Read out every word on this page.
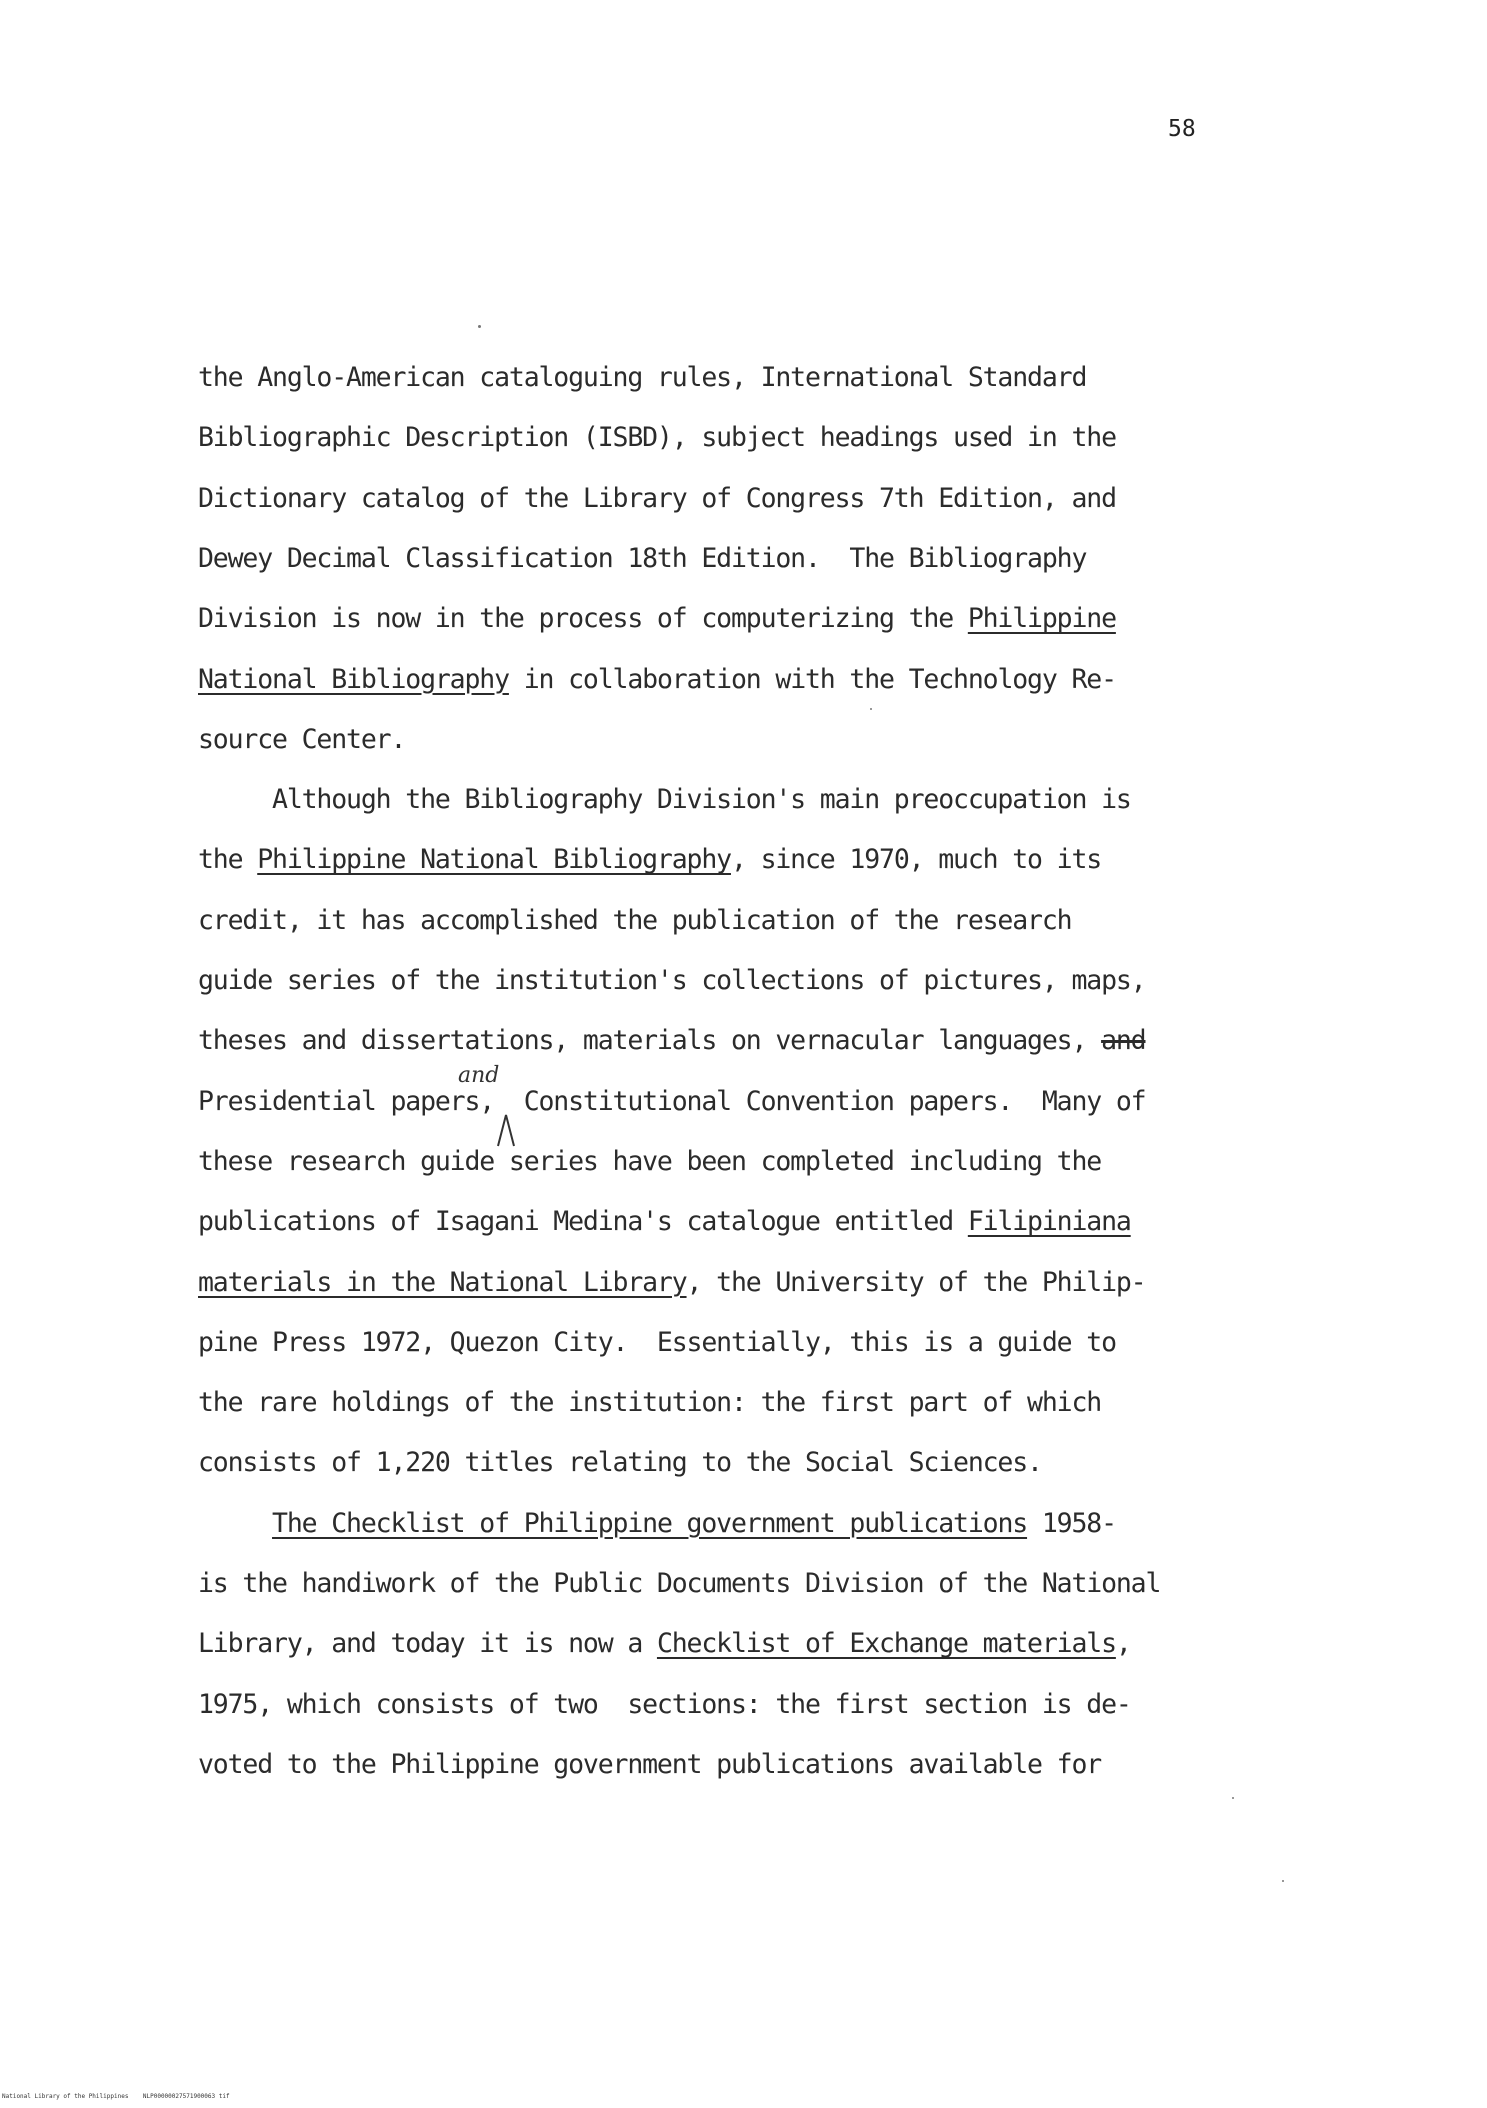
58
the Anglo-American cataloguing rules, International Standard
Bibliographic Description (ISBD), subject headings used in the
Dictionary catalog of the Library of Congress 7th Edition, and
Dewey Decimal Classification 18th Edition.  The Bibliography
Division is now in the process of computerizing the Philippine
National Bibliography in collaboration with the Technology Re-
source Center.
Although the Bibliography Division's main preoccupation is
the Philippine National Bibliography, since 1970, much to its
credit, it has accomplished the publication of the research
guide series of the institution's collections of pictures, maps,
theses and dissertations, materials on vernacular languages, and
Presidential papers,  Constitutional Convention papers.  Many of
these research guide series have been completed including the
publications of Isagani Medina's catalogue entitled Filipiniana
materials in the National Library, the University of the Philip-
pine Press 1972, Quezon City.  Essentially, this is a guide to
the rare holdings of the institution: the first part of which
consists of 1,220 titles relating to the Social Sciences.
The Checklist of Philippine government publications 1958-
is the handiwork of the Public Documents Division of the National
Library, and today it is now a Checklist of Exchange materials,
1975, which consists of two  sections: the first section is de-
voted to the Philippine government publications available for
and
National Library of the Philippines    NLP00000027571900063 tif
